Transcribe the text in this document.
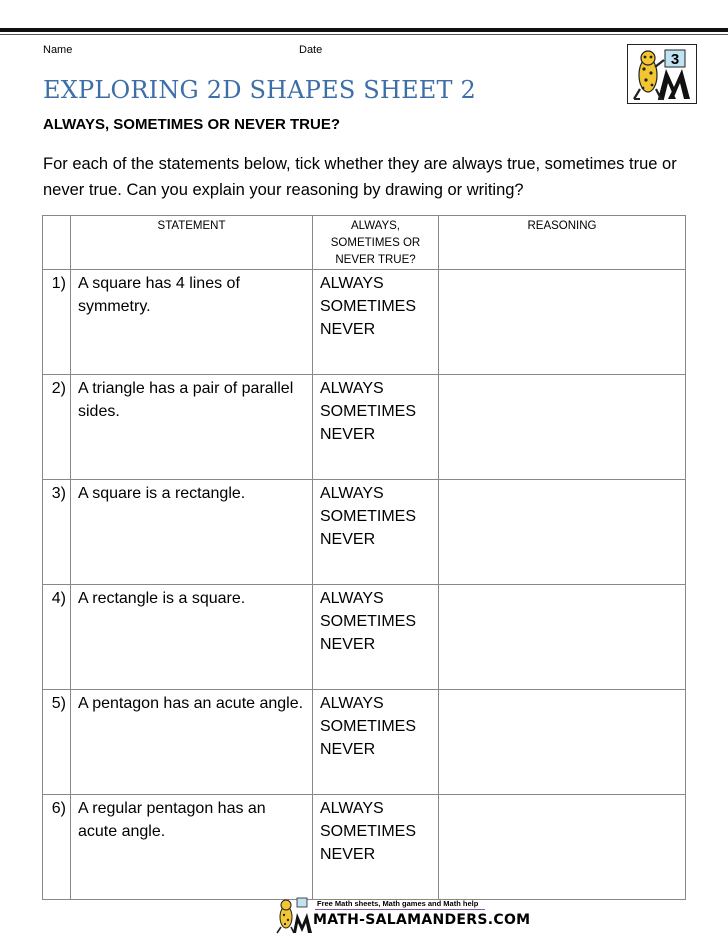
Name	Date
3
EXPLORING 2D SHAPES SHEET 2
ALWAYS, SOMETIMES OR NEVER TRUE?
For each of the statements below, tick whether they are always true, sometimes true or never true. Can you explain your reasoning by drawing or writing?
	STATEMENT	ALWAYS,
SOMETIMES OR
NEVER TRUE?	REASONING
1)	A square has 4 lines of symmetry.	ALWAYS
SOMETIMES
NEVER	

2)	A triangle has a pair of parallel sides.	ALWAYS
SOMETIMES
NEVER	

3)	A square is a rectangle.	ALWAYS
SOMETIMES
NEVER	

4)	A rectangle is a square.	ALWAYS
SOMETIMES
NEVER	

5)	A pentagon has an acute angle.	ALWAYS
SOMETIMES
NEVER	

6)	A regular pentagon has an acute angle.	ALWAYS
SOMETIMES
NEVER	

Free Math sheets, Math games and Math help
MATH-SALAMANDERS.COM
